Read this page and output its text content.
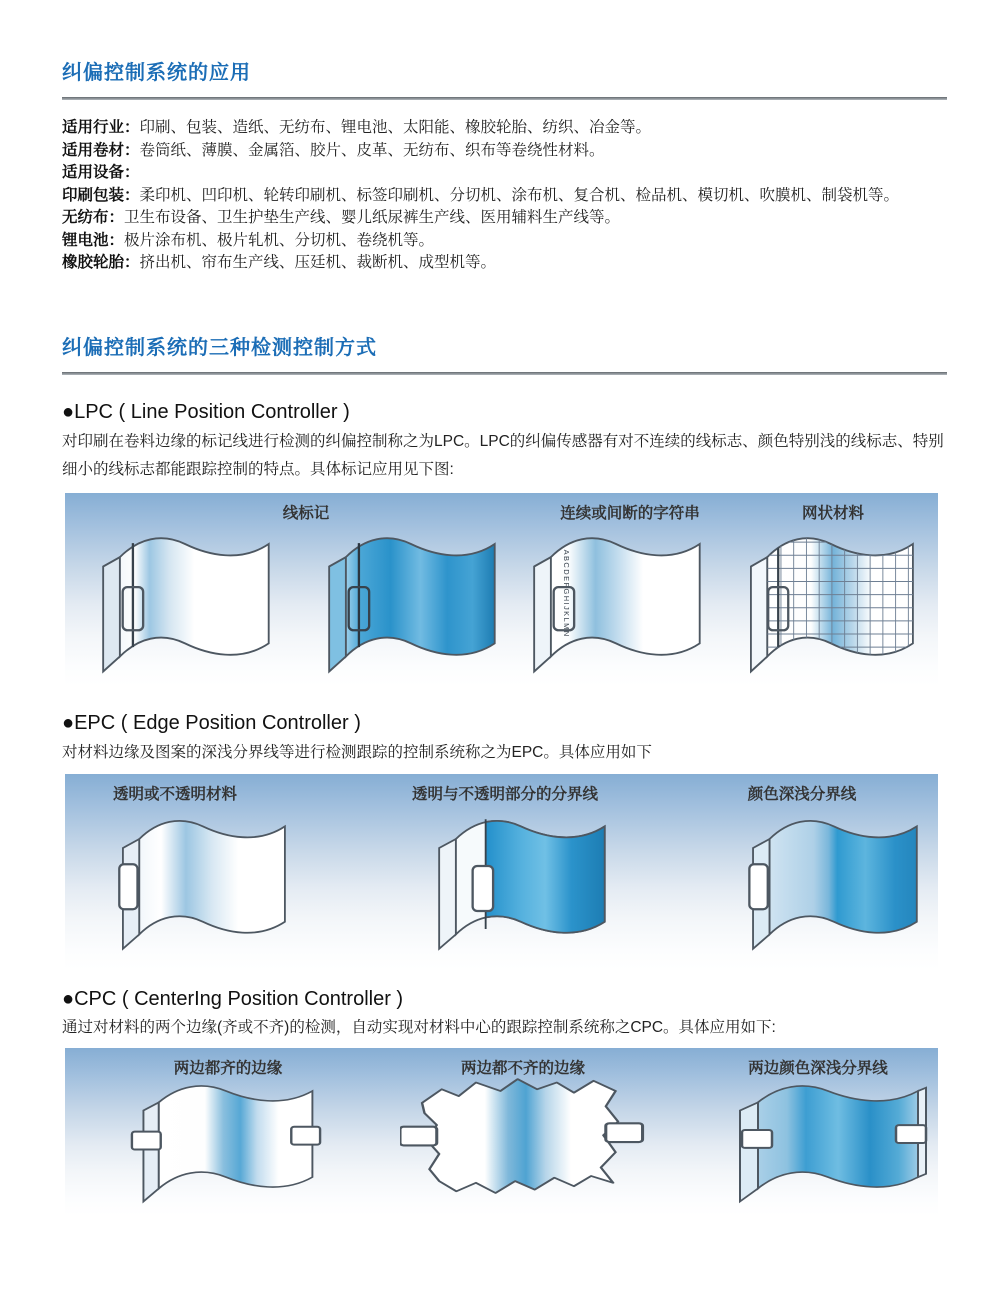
纠偏控制系统的应用
适用行业： 印刷、包装、造纸、无纺布、锂电池、太阳能、橡胶轮胎、纺织、冶金等。
适用卷材： 卷筒纸、薄膜、金属箔、胶片、皮革、无纺布、织布等卷绕性材料。
适用设备：
印刷包装： 柔印机、凹印机、轮转印刷机、标签印刷机、分切机、涂布机、复合机、检品机、模切机、吹膜机、制袋机等。
无纺布： 卫生布设备、卫生护垫生产线、婴儿纸尿裤生产线、医用辅料生产线等。
锂电池： 极片涂布机、极片轧机、分切机、卷绕机等。
橡胶轮胎： 挤出机、帘布生产线、压廷机、裁断机、成型机等。
纠偏控制系统的三种检测控制方式
●LPC ( Line Position Controller )

对印刷在卷料边缘的标记线进行检测的纠偏控制称之为LPC。LPC的纠偏传感器有对不连续的线标志、颜色特别浅的线标志、特别细小的线标志都能跟踪控制的特点。具体标记应用见下图:

线标记	连续或间断的字符串	网状材料
ABCDEFGHIJKLMN
●EPC ( Edge Position Controller )

对材料边缘及图案的深浅分界线等进行检测跟踪的控制系统称之为EPC。具体应用如下

透明或不透明材料	透明与不透明部分的分界线	颜色深浅分界线
●CPC ( CenterIng Position Controller )

通过对材料的两个边缘(齐或不齐)的检测，自动实现对材料中心的跟踪控制系统称之CPC。具体应用如下:

两边都齐的边缘	两边都不齐的边缘	两边颜色深浅分界线
